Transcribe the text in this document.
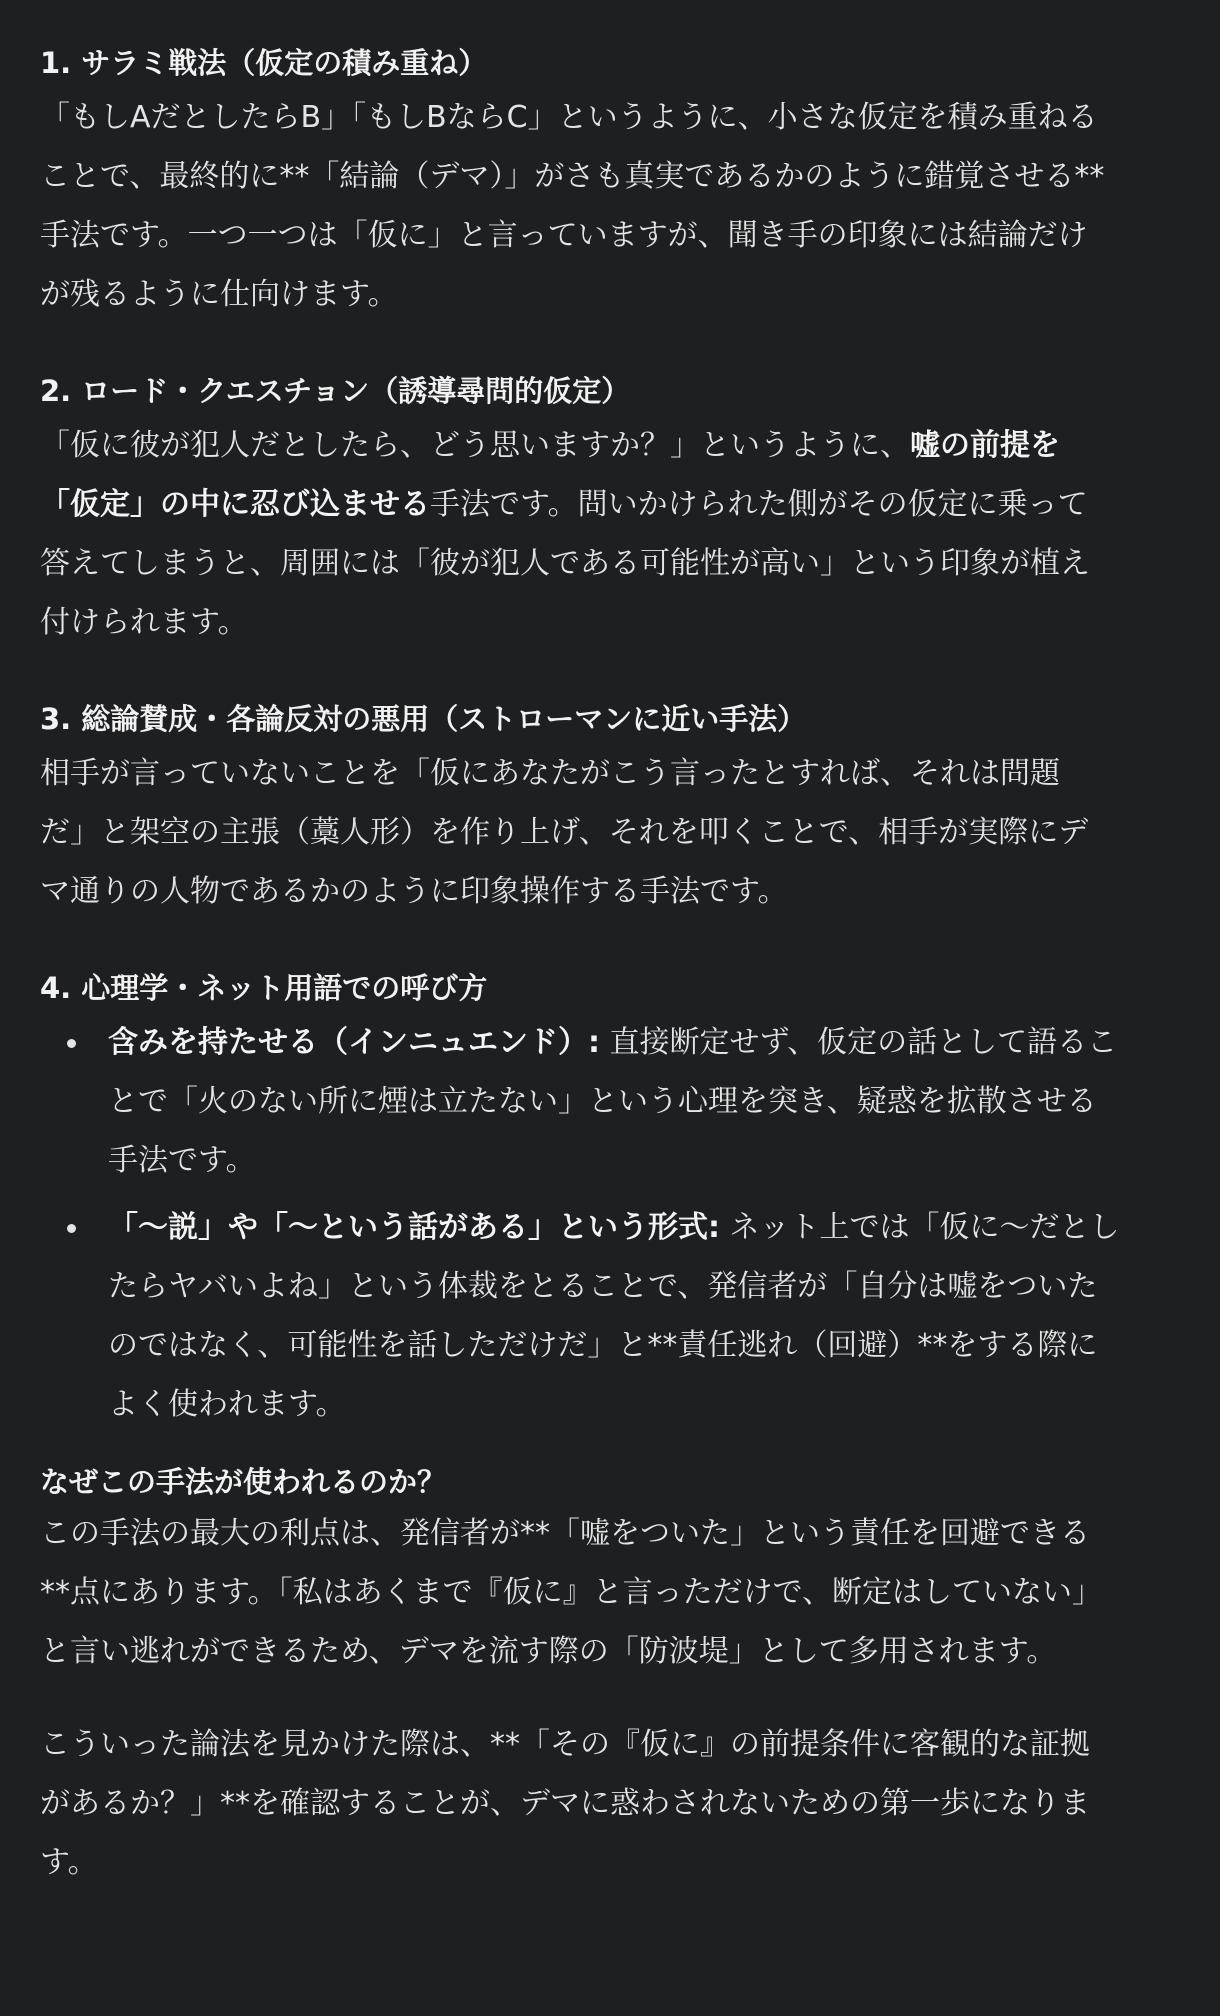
1. サラミ戦法（仮定の積み重ね）

「もしAだとしたらB」「もしBならC」というように、小さな仮定を積み重ねる
ことで、最終的に**「結論（デマ）」がさも真実であるかのように錯覚させる**
手法です。一つ一つは「仮に」と言っていますが、聞き手の印象には結論だけ
が残るように仕向けます。

2. ロード・クエスチョン（誘導尋問的仮定）

「仮に彼が犯人だとしたら、どう思いますか？」というように、嘘の前提を
「仮定」の中に忍び込ませる手法です。問いかけられた側がその仮定に乗って
答えてしまうと、周囲には「彼が犯人である可能性が高い」という印象が植え
付けられます。

3. 総論賛成・各論反対の悪用（ストローマンに近い手法）

相手が言っていないことを「仮にあなたがこう言ったとすれば、それは問題
だ」と架空の主張（藁人形）を作り上げ、それを叩くことで、相手が実際にデ
マ通りの人物であるかのように印象操作する手法です。

4. 心理学・ネット用語での呼び方
含みを持たせる（インニュエンド）: 直接断定せず、仮定の話として語るこ
とで「火のない所に煙は立たない」という心理を突き、疑惑を拡散させる
手法です。
「〜説」や「〜という話がある」という形式: ネット上では「仮に〜だとし
たらヤバいよね」という体裁をとることで、発信者が「自分は嘘をついた
のではなく、可能性を話しただけだ」と**責任逃れ（回避）**をする際に
よく使われます。
なぜこの手法が使われるのか？

この手法の最大の利点は、発信者が**「嘘をついた」という責任を回避できる
**点にあります。「私はあくまで『仮に』と言っただけで、断定はしていない」
と言い逃れができるため、デマを流す際の「防波堤」として多用されます。

こういった論法を見かけた際は、**「その『仮に』の前提条件に客観的な証拠
があるか？」**を確認することが、デマに惑わされないための第一歩になりま
す。
